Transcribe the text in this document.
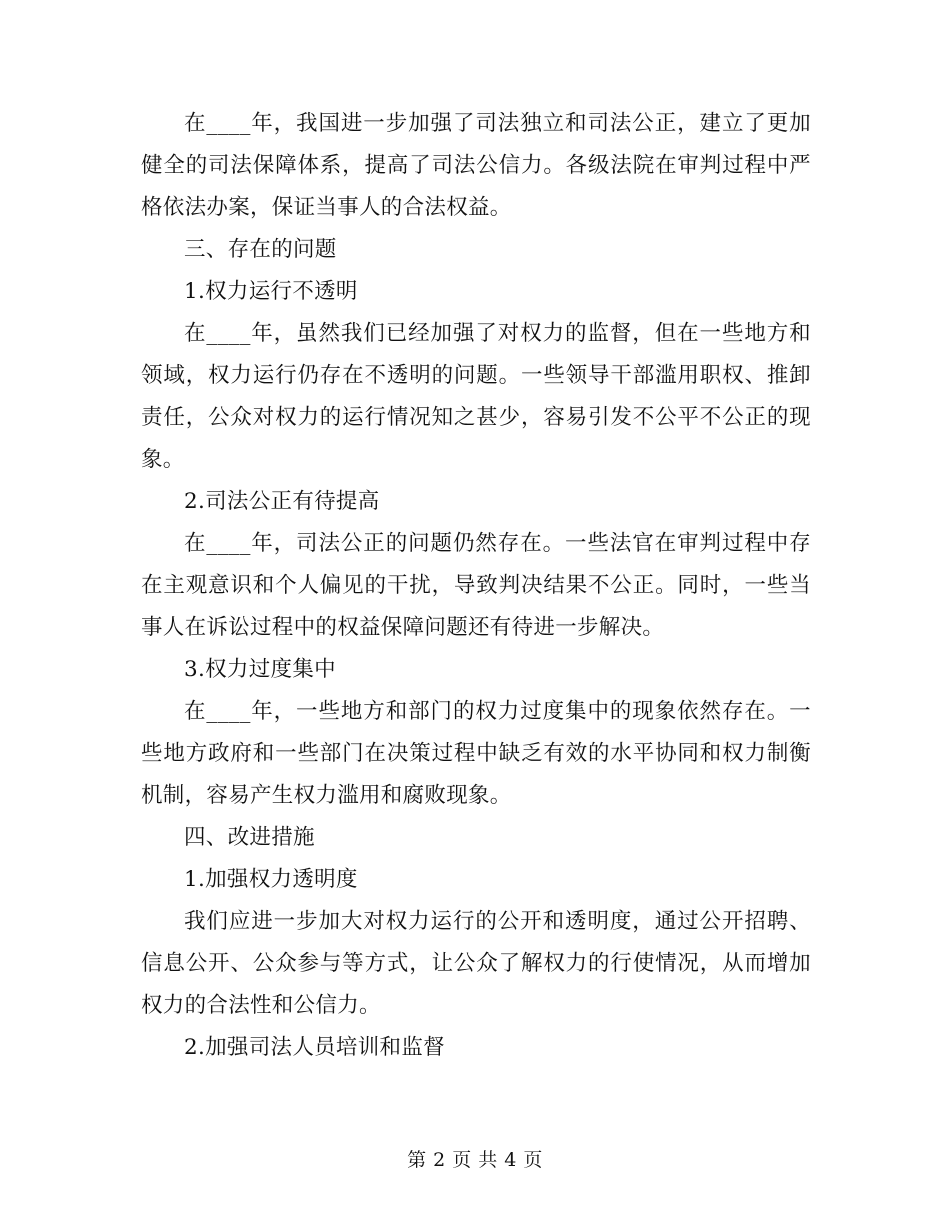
在____年，我国进一步加强了司法独立和司法公正，建立了更加健全的司法保障体系，提高了司法公信力。各级法院在审判过程中严格依法办案，保证当事人的合法权益。

三、存在的问题

1.权力运行不透明

在____年，虽然我们已经加强了对权力的监督，但在一些地方和领域，权力运行仍存在不透明的问题。一些领导干部滥用职权、推卸责任，公众对权力的运行情况知之甚少，容易引发不公平不公正的现象。

2.司法公正有待提高

在____年，司法公正的问题仍然存在。一些法官在审判过程中存在主观意识和个人偏见的干扰，导致判决结果不公正。同时，一些当事人在诉讼过程中的权益保障问题还有待进一步解决。

3.权力过度集中

在____年，一些地方和部门的权力过度集中的现象依然存在。一些地方政府和一些部门在决策过程中缺乏有效的水平协同和权力制衡机制，容易产生权力滥用和腐败现象。

四、改进措施

1.加强权力透明度

我们应进一步加大对权力运行的公开和透明度，通过公开招聘、信息公开、公众参与等方式，让公众了解权力的行使情况，从而增加权力的合法性和公信力。

2.加强司法人员培训和监督

第 2 页 共 4 页
